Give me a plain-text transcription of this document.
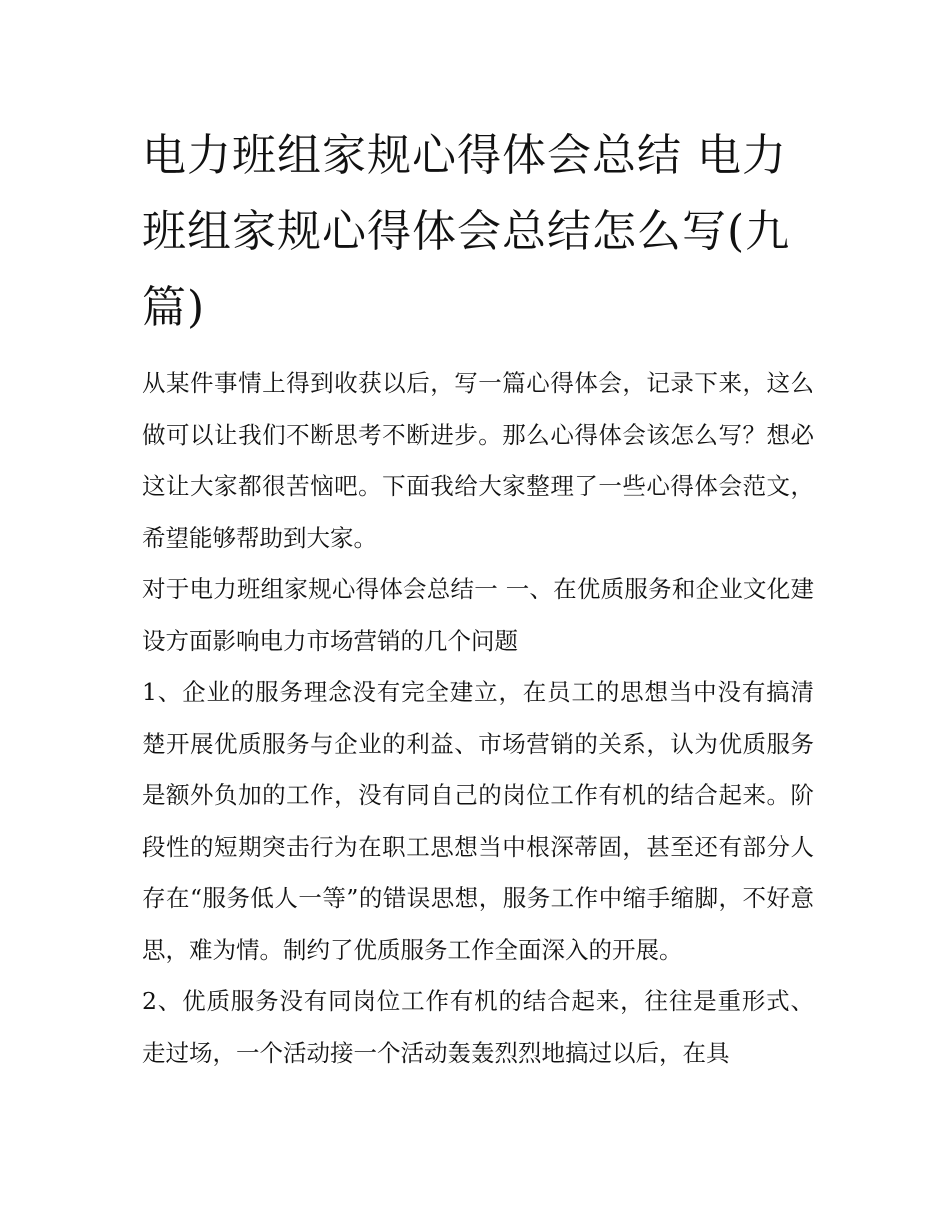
电力班组家规心得体会总结 电力班组家规心得体会总结怎么写(九篇)

从某件事情上得到收获以后，写一篇心得体会，记录下来，这么做可以让我们不断思考不断进步。那么心得体会该怎么写？想必这让大家都很苦恼吧。下面我给大家整理了一些心得体会范文，希望能够帮助到大家。

对于电力班组家规心得体会总结一 一、在优质服务和企业文化建设方面影响电力市场营销的几个问题

1、企业的服务理念没有完全建立，在员工的思想当中没有搞清楚开展优质服务与企业的利益、市场营销的关系，认为优质服务是额外负加的工作，没有同自己的岗位工作有机的结合起来。阶段性的短期突击行为在职工思想当中根深蒂固，甚至还有部分人存在“服务低人一等”的错误思想，服务工作中缩手缩脚，不好意思，难为情。制约了优质服务工作全面深入的开展。

2、优质服务没有同岗位工作有机的结合起来，往往是重形式、走过场，一个活动接一个活动轰轰烈烈地搞过以后，在具
